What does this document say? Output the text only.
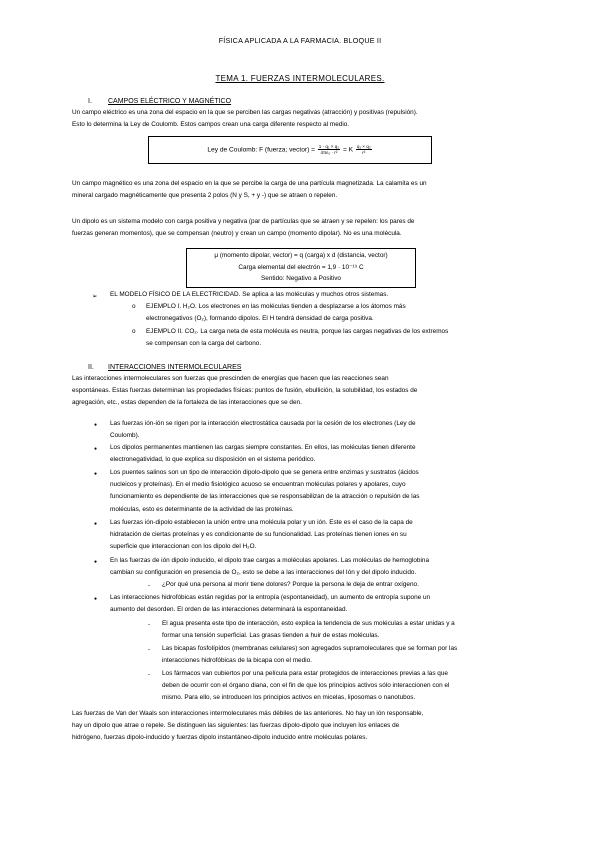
FÍSICA APLICADA A LA FARMACIA. BLOQUE II
TEMA 1. FUERZAS INTERMOLECULARES.
I. CAMPOS ELÉCTRICO Y MAGNÉTICO
Un campo eléctrico es una zona del espacio en la que se perciben las cargas negativas (atracción) y positivas (repulsión).
Esto lo determina la Ley de Coulomb. Estos campos crean una carga diferente respecto al medio.
Ley de Coulomb: F (fuerza; vector) = $\frac{\text{1 · q₁ × q₂}}{\text{4πε₀ · r²}} = K \frac{\text{q₁ × q₂}}{\text{r²}}$
Un campo magnético es una zona del espacio en la que se percibe la carga de una partícula magnetizada. La calamita es un
mineral cargado magnéticamente que presenta 2 polos (N y S, + y -) que se atraen o repelen.
Un dipolo es un sistema modelo con carga positiva y negativa (par de partículas que se atraen y se repelen: los pares de
fuerzas generan momentos), que se compensan (neutro) y crean un campo (momento dipolar). No es una molécula.
μ (momento dipolar, vector) = q (carga) x d (distancia, vector)
Carga elemental del electrón = 1,9 · 10⁻¹⁹ C
Sentido: Negativo a Positivo
➢ EL MODELO FÍSICO DE LA ELECTRICIDAD. Se aplica a las moléculas y muchos otros sistemas.
o EJEMPLO I. H₂O. Los electrones en las moléculas tienden a desplazarse a los átomos más
electronegativos (O₂), formando dipolos. El H tendrá densidad de carga positiva.
o EJEMPLO II. CO₂. La carga neta de esta molécula es neutra, porque las cargas negativas de los extremos
se compensan con la carga del carbono.
II. INTERACCIONES INTERMOLECULARES
Las interacciones intermoleculares son fuerzas que prescinden de energías que hacen que las reacciones sean
espontáneas. Estas fuerzas determinan las propiedades físicas: puntos de fusión, ebullición, la solubilidad, los estados de
agregación, etc., estas dependen de la fortaleza de las interacciones que se den.
● Las fuerzas ión-ión se rigen por la interacción electrostática causada por la cesión de los electrones (Ley de
Coulomb).
● Los dipolos permanentes mantienen las cargas siempre constantes. En ellos, las moléculas tienen diferente
electronegatividad, lo que explica su disposición en el sistema periódico.
● Los puentes salinos son un tipo de interacción dipolo-dipolo que se genera entre enzimas y sustratos (ácidos
nucleicos y proteínas). En el medio fisiológico acuoso se encuentran moléculas polares y apolares, cuyo
funcionamiento es dependiente de las interacciones que se responsabilizan de la atracción o repulsión de las
moléculas, esto es determinante de la actividad de las proteínas.
● Las fuerzas ión-dipolo establecen la unión entre una molécula polar y un ión. Este es el caso de la capa de
hidratación de ciertas proteínas y es condicionante de su funcionalidad. Las proteínas tienen iones en su
superficie que interaccionan con los dipolo del H₂O.
● En las fuerzas de ión dipolo inducido, el dipolo trae cargas a moléculas apolares. Las moléculas de hemoglobina
cambian su configuración en presencia de O₂, esto se debe a las interacciones del Ión y del dipolo inducido.
- ¿Por qué una persona al morir tiene dolores? Porque la persona le deja de entrar oxígeno.
● Las interacciones hidrofóbicas están regidas por la entropía (espontaneidad), un aumento de entropía supone un
aumento del desorden. El orden de las interacciones determinará la espontaneidad.
- El agua presenta este tipo de interacción, esto explica la tendencia de sus moléculas a estar unidas y a
formar una tensión superficial. Las grasas tienden a huir de estas moléculas.
- Las bicapas fosfolípidos (membranas celulares) son agregados supramoleculares que se forman por las
interacciones hidrofóbicas de la bicapa con el medio.
- Los fármacos van cubiertos por una película para estar protegidos de interacciones previas a las que
deben de ocurrir con el órgano diana, con el fin de que los principios activos sólo interaccionen con el
mismo. Para ello, se introducen los principios activos en micelas, liposomas o nanotubos.
Las fuerzas de Van der Waals son interacciones intermoleculares más débiles de las anteriores. No hay un ión responsable,
hay un dipolo que atrae o repele. Se distinguen las siguientes: las fuerzas dipolo-dipolo que incluyen los enlaces de
hidrógeno, fuerzas dipolo-inducido y fuerzas dipolo instantáneo-dipolo inducido entre moléculas polares.
